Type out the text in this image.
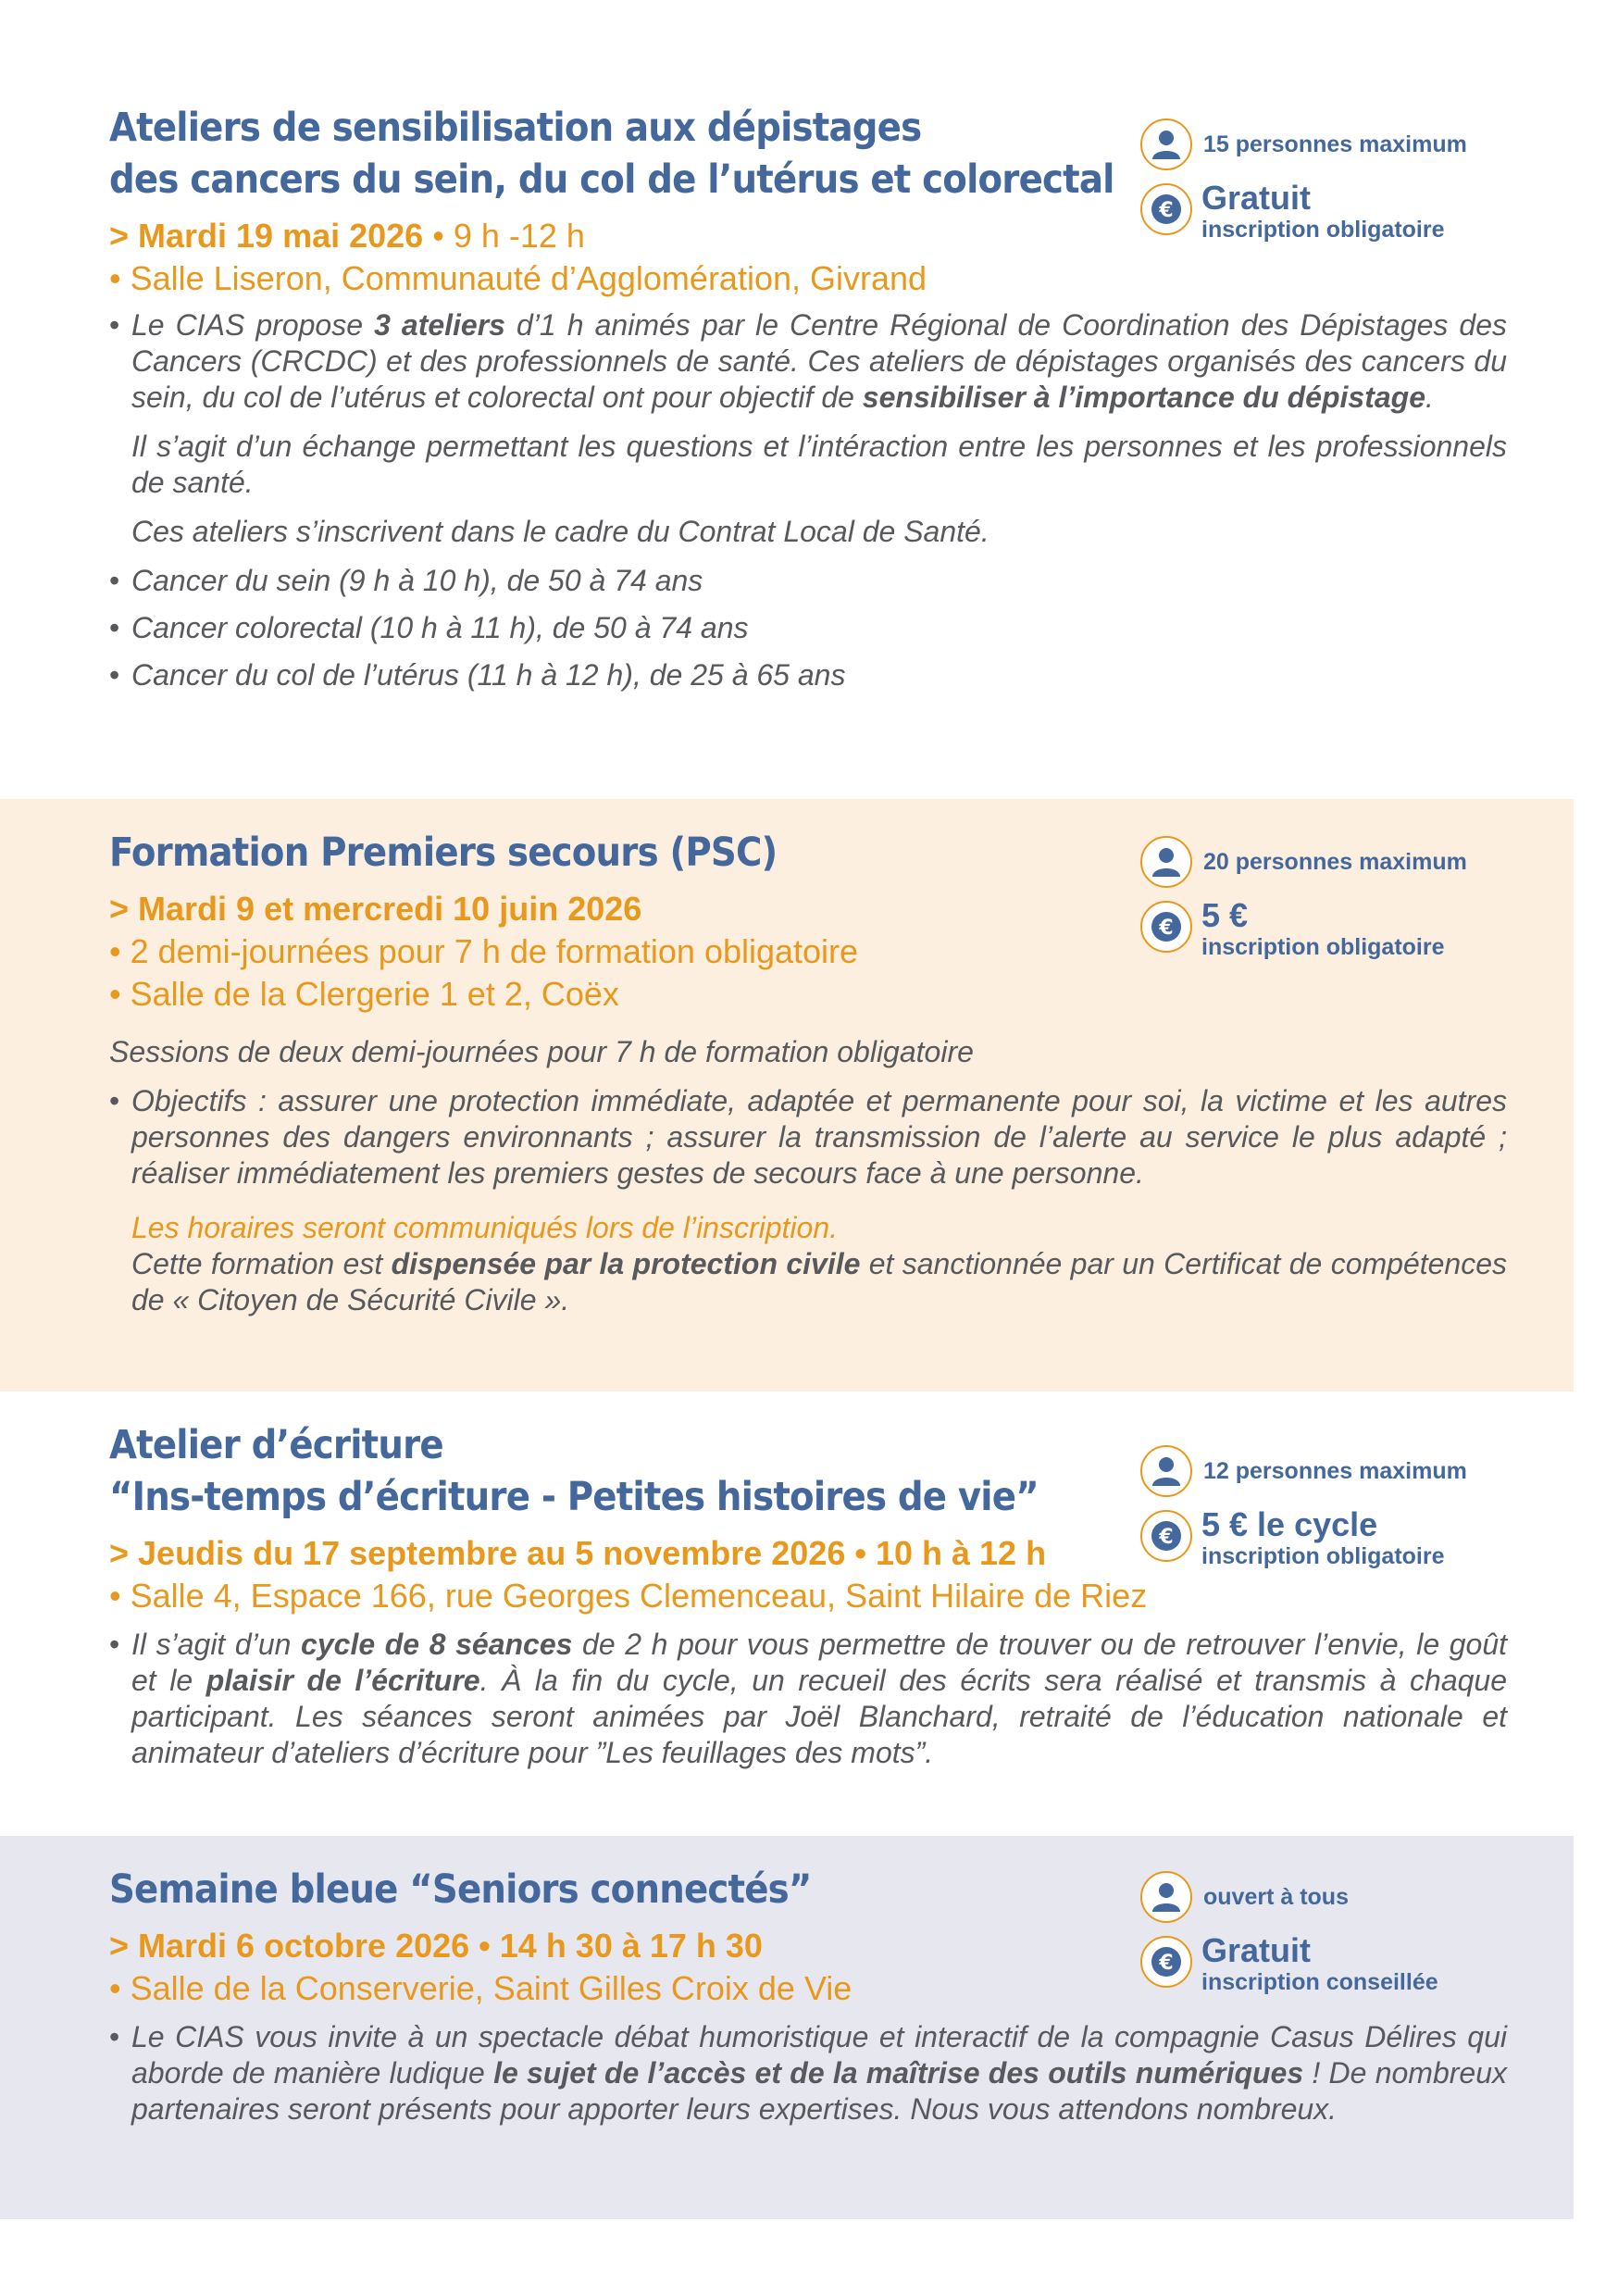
Ateliers de sensibilisation aux dépistages
des cancers du sein, du col de l’utérus et colorectal

> Mardi 19 mai 2026 • 9 h -12 h

• Salle Liseron, Communauté d’Agglomération, Givrand

• Le CIAS propose 3 ateliers d’1 h animés par le Centre Régional de Coordination des Dépistages des Cancers (CRCDC) et des professionnels de santé. Ces ateliers de dépistages organisés des cancers du sein, du col de l’utérus et colorectal ont pour objectif de sensibiliser à l’importance du dépistage.

Il s’agit d’un échange permettant les questions et l’intéraction entre les personnes et les professionnels de santé.

Ces ateliers s’inscrivent dans le cadre du Contrat Local de Santé.

• Cancer du sein (9 h à 10 h), de 50 à 74 ans

• Cancer colorectal (10 h à 11 h), de 50 à 74 ans

• Cancer du col de l’utérus (11 h à 12 h), de 25 à 65 ans

15 personnes maximum
€ Gratuit
inscription obligatoire
Formation Premiers secours (PSC)

> Mardi 9 et mercredi 10 juin 2026

• 2 demi-journées pour 7 h de formation obligatoire

• Salle de la Clergerie 1 et 2, Coëx

Sessions de deux demi-journées pour 7 h de formation obligatoire

• Objectifs : assurer une protection immédiate, adaptée et permanente pour soi, la victime et les autres personnes des dangers environnants ; assurer la transmission de l’alerte au service le plus adapté ; réaliser immédiatement les premiers gestes de secours face à une personne.

Les horaires seront communiqués lors de l’inscription.

Cette formation est dispensée par la protection civile et sanctionnée par un Certificat de compétences de « Citoyen de Sécurité Civile ».

20 personnes maximum
€ 5 €
inscription obligatoire
Atelier d’écriture
“Ins-temps d’écriture - Petites histoires de vie”

> Jeudis du 17 septembre au 5 novembre 2026 • 10 h à 12 h

• Salle 4, Espace 166, rue Georges Clemenceau, Saint Hilaire de Riez

• Il s’agit d’un cycle de 8 séances de 2 h pour vous permettre de trouver ou de retrouver l’envie, le goût et le plaisir de l’écriture. À la fin du cycle, un recueil des écrits sera réalisé et transmis à chaque participant. Les séances seront animées par Joël Blanchard, retraité de l’éducation nationale et animateur d’ateliers d’écriture pour ”Les feuillages des mots”.

12 personnes maximum
€ 5 € le cycle
inscription obligatoire
Semaine bleue “Seniors connectés”

> Mardi 6 octobre 2026 • 14 h 30 à 17 h 30

• Salle de la Conserverie, Saint Gilles Croix de Vie

• Le CIAS vous invite à un spectacle débat humoristique et interactif de la compagnie Casus Délires qui aborde de manière ludique le sujet de l’accès et de la maîtrise des outils numériques ! De nombreux partenaires seront présents pour apporter leurs expertises. Nous vous attendons nombreux.

ouvert à tous
€ Gratuit
inscription conseillée
